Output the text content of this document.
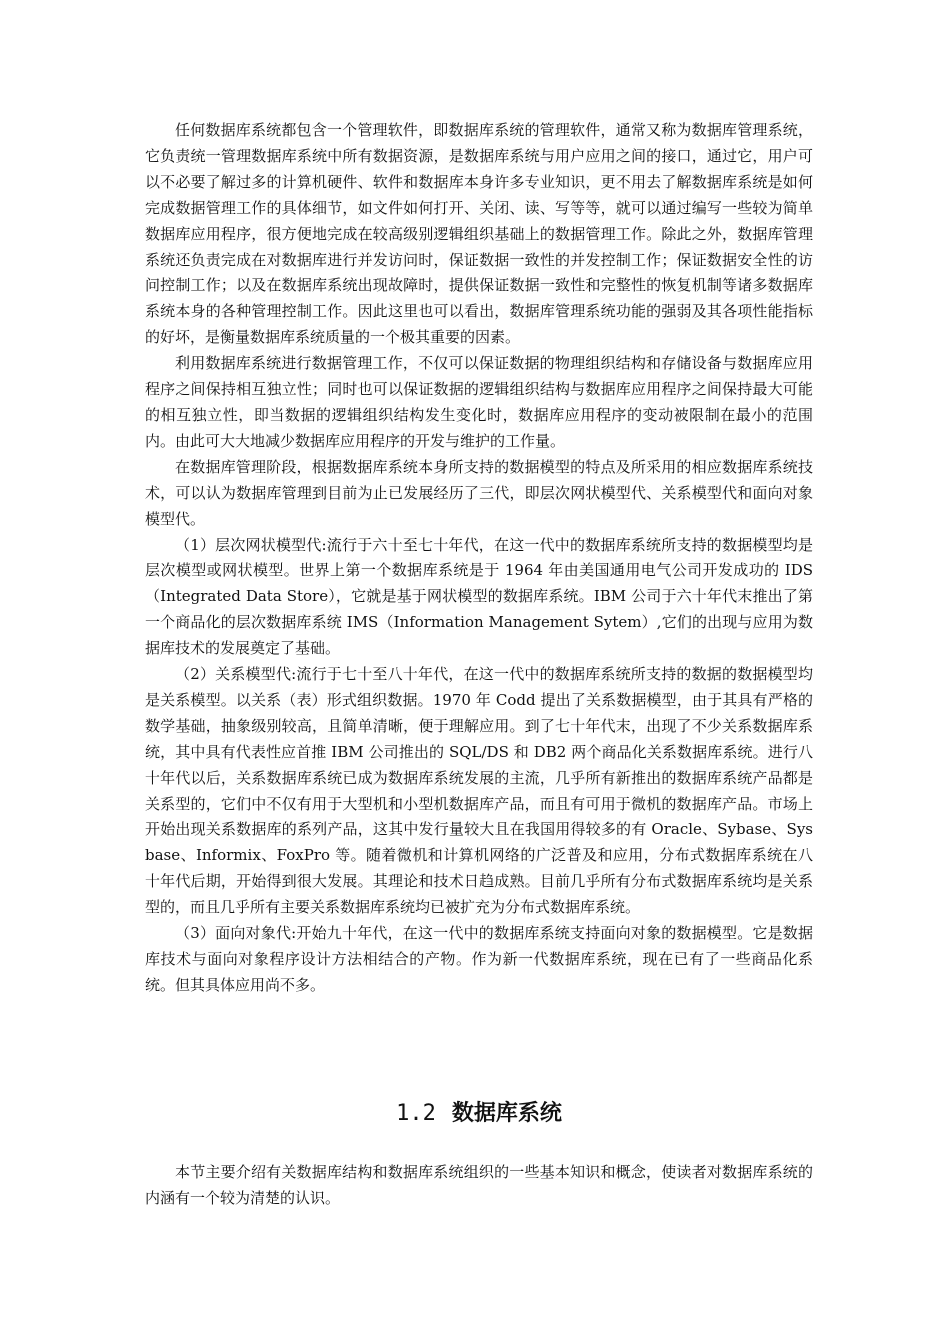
任何数据库系统都包含一个管理软件，即数据库系统的管理软件，通常又称为数据库管理系统，它负责统一管理数据库系统中所有数据资源，是数据库系统与用户应用之间的接口，通过它，用户可以不必要了解过多的计算机硬件、软件和数据库本身许多专业知识，更不用去了解数据库系统是如何完成数据管理工作的具体细节，如文件如何打开、关闭、读、写等等，就可以通过编写一些较为简单数据库应用程序，很方便地完成在较高级别逻辑组织基础上的数据管理工作。除此之外，数据库管理系统还负责完成在对数据库进行并发访问时，保证数据一致性的并发控制工作；保证数据安全性的访问控制工作；以及在数据库系统出现故障时，提供保证数据一致性和完整性的恢复机制等诸多数据库系统本身的各种管理控制工作。因此这里也可以看出，数据库管理系统功能的强弱及其各项性能指标的好坏，是衡量数据库系统质量的一个极其重要的因素。

利用数据库系统进行数据管理工作，不仅可以保证数据的物理组织结构和存储设备与数据库应用程序之间保持相互独立性；同时也可以保证数据的逻辑组织结构与数据库应用程序之间保持最大可能的相互独立性，即当数据的逻辑组织结构发生变化时，数据库应用程序的变动被限制在最小的范围内。由此可大大地减少数据库应用程序的开发与维护的工作量。

在数据库管理阶段，根据数据库系统本身所支持的数据模型的特点及所采用的相应数据库系统技术，可以认为数据库管理到目前为止已发展经历了三代，即层次网状模型代、关系模型代和面向对象模型代。

（1）层次网状模型代:流行于六十至七十年代，在这一代中的数据库系统所支持的数据模型均是层次模型或网状模型。世界上第一个数据库系统是于 1964 年由美国通用电气公司开发成功的 IDS（Integrated Data Store），它就是基于网状模型的数据库系统。IBM 公司于六十年代末推出了第一个商品化的层次数据库系统 IMS（Information Management Sytem）,它们的出现与应用为数据库技术的发展奠定了基础。

（2）关系模型代:流行于七十至八十年代，在这一代中的数据库系统所支持的数据的数据模型均是关系模型。以关系（表）形式组织数据。1970 年 Codd 提出了关系数据模型，由于其具有严格的数学基础，抽象级别较高，且简单清晰，便于理解应用。到了七十年代末，出现了不少关系数据库系统，其中具有代表性应首推 IBM 公司推出的 SQL/DS 和 DB2 两个商品化关系数据库系统。进行八十年代以后，关系数据库系统已成为数据库系统发展的主流，几乎所有新推出的数据库系统产品都是关系型的，它们中不仅有用于大型机和小型机数据库产品，而且有可用于微机的数据库产品。市场上开始出现关系数据库的系列产品，这其中发行量较大且在我国用得较多的有 Oracle、Sybase、Sysbase、Informix、FoxPro 等。随着微机和计算机网络的广泛普及和应用，分布式数据库系统在八十年代后期，开始得到很大发展。其理论和技术日趋成熟。目前几乎所有分布式数据库系统均是关系型的，而且几乎所有主要关系数据库系统均已被扩充为分布式数据库系统。

（3）面向对象代:开始九十年代，在这一代中的数据库系统支持面向对象的数据模型。它是数据库技术与面向对象程序设计方法相结合的产物。作为新一代数据库系统，现在已有了一些商品化系统。但其具体应用尚不多。

1.2 数据库系统

本节主要介绍有关数据库结构和数据库系统组织的一些基本知识和概念，使读者对数据库系统的内涵有一个较为清楚的认识。
